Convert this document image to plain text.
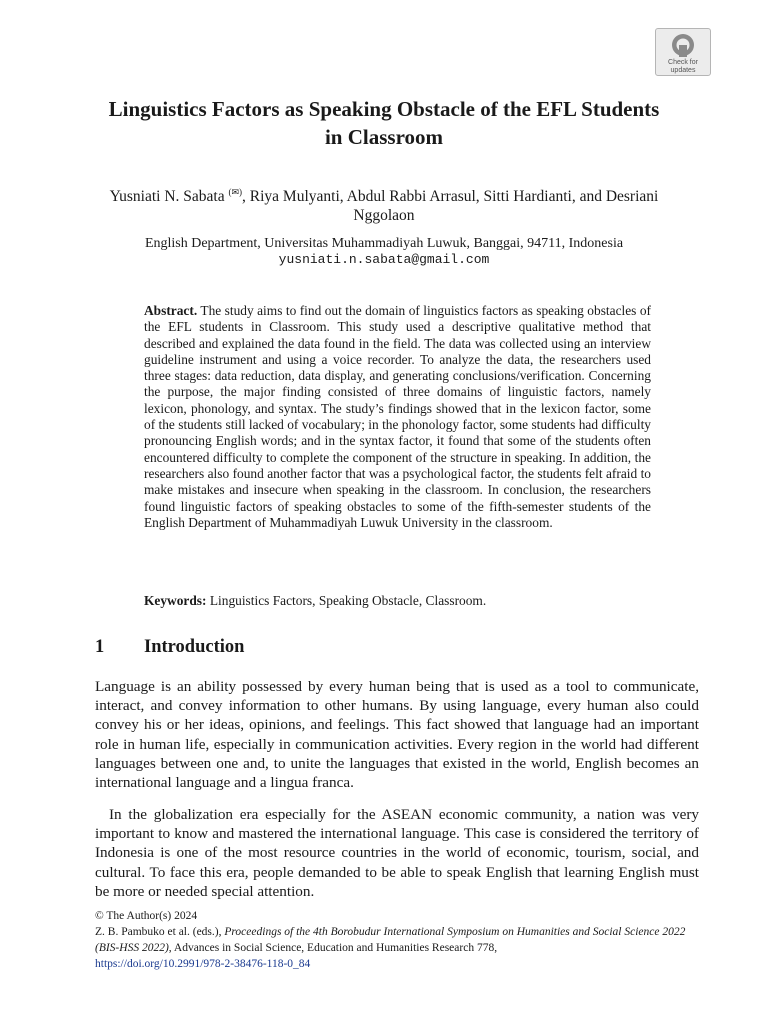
Check for
updates
Linguistics Factors as Speaking Obstacle of the EFL Students in Classroom
Yusniati N. Sabata (✉), Riya Mulyanti, Abdul Rabbi Arrasul, Sitti Hardianti, and Desriani Nggolaon
English Department, Universitas Muhammadiyah Luwuk, Banggai, 94711, Indonesia
yusniati.n.sabata@gmail.com

Abstract. The study aims to find out the domain of linguistics factors as speaking obstacles of the EFL students in Classroom. This study used a descriptive qualitative method that described and explained the data found in the field. The data was collected using an interview guideline instrument and using a voice recorder. To analyze the data, the researchers used three stages: data reduction, data display, and generating conclusions/verification. Concerning the purpose, the major finding consisted of three domains of linguistic factors, namely lexicon, phonology, and syntax. The study’s findings showed that in the lexicon factor, some of the students still lacked of vocabulary; in the phonology factor, some students had difficulty pronouncing English words; and in the syntax factor, it found that some of the students often encountered difficulty to complete the component of the structure in speaking. In addition, the researchers also found another factor that was a psychological factor, the students felt afraid to make mistakes and insecure when speaking in the classroom. In conclusion, the researchers found linguistic factors of speaking obstacles to some of the fifth-semester students of the English Department of Muhammadiyah Luwuk University in the classroom.

Keywords: Linguistics Factors, Speaking Obstacle, Classroom.

1 Introduction

Language is an ability possessed by every human being that is used as a tool to communicate, interact, and convey information to other humans. By using language, every human also could convey his or her ideas, opinions, and feelings. This fact showed that language had an important role in human life, especially in communication activities. Every region in the world had different languages between one and, to unite the languages that existed in the world, English becomes an international language and a lingua franca.

In the globalization era especially for the ASEAN economic community, a nation was very important to know and mastered the international language. This case is considered the territory of Indonesia is one of the most resource countries in the world of economic, tourism, social, and cultural. To face this era, people demanded to be able to speak English that learning English must be more or needed special attention.

© The Author(s) 2024
Z. B. Pambuko et al. (eds.), Proceedings of the 4th Borobudur International Symposium on Humanities and Social Science 2022 (BIS-HSS 2022), Advances in Social Science, Education and Humanities Research 778,
https://doi.org/10.2991/978-2-38476-118-0_84
